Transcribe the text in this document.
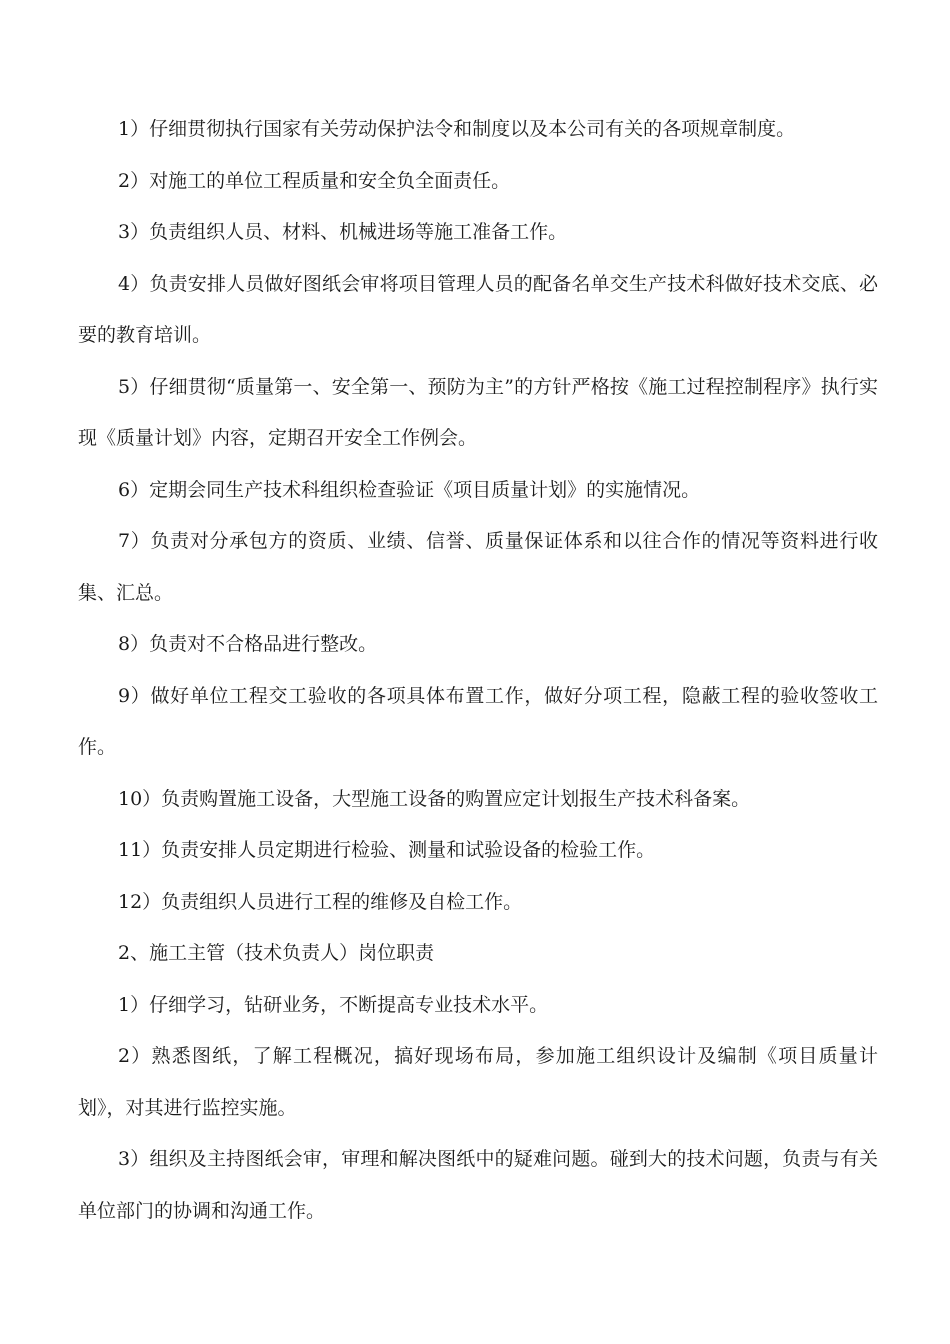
1）仔细贯彻执行国家有关劳动保护法令和制度以及本公司有关的各项规章制度。

2）对施工的单位工程质量和安全负全面责任。

3）负责组织人员、材料、机械进场等施工准备工作。

4）负责安排人员做好图纸会审将项目管理人员的配备名单交生产技术科做好技术交底、必要的教育培训。

5）仔细贯彻“质量第一、安全第一、预防为主”的方针严格按《施工过程控制程序》执行实现《质量计划》内容，定期召开安全工作例会。

6）定期会同生产技术科组织检查验证《项目质量计划》的实施情况。

7）负责对分承包方的资质、业绩、信誉、质量保证体系和以往合作的情况等资料进行收集、汇总。

8）负责对不合格品进行整改。

9）做好单位工程交工验收的各项具体布置工作，做好分项工程，隐蔽工程的验收签收工作。

10）负责购置施工设备，大型施工设备的购置应定计划报生产技术科备案。

11）负责安排人员定期进行检验、测量和试验设备的检验工作。

12）负责组织人员进行工程的维修及自检工作。

2、施工主管（技术负责人）岗位职责

1）仔细学习，钻研业务，不断提高专业技术水平。

2）熟悉图纸，了解工程概况，搞好现场布局，参加施工组织设计及编制《项目质量计划》，对其进行监控实施。

3）组织及主持图纸会审，审理和解决图纸中的疑难问题。碰到大的技术问题，负责与有关单位部门的协调和沟通工作。
